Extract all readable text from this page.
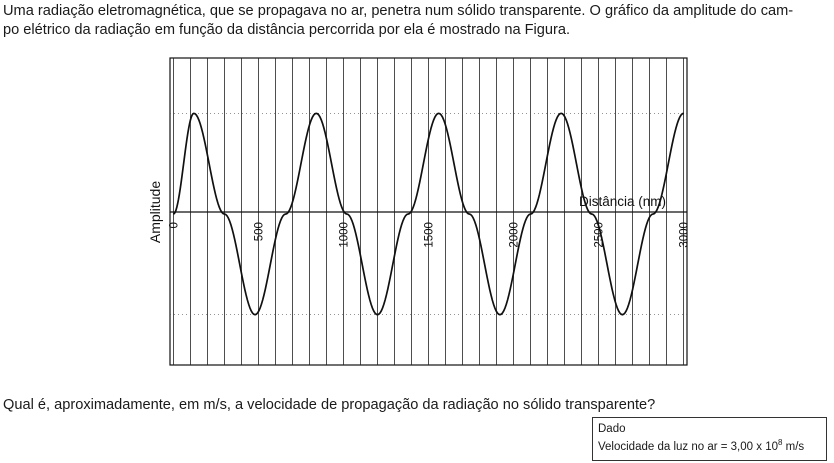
Uma radiação eletromagnética, que se propagava no ar, penetra num sólido transparente. O gráfico da amplitude do cam-
po elétrico da radiação em função da distância percorrida por ela é mostrado na Figura.

0	500	1000	1500	2000	2500	3000
Distância (nm)
Amplitude

Qual é, aproximadamente, em m/s, a velocidade de propagação da radiação no sólido transparente?

Dado
Velocidade da luz no ar = 3,00 x $10^8$ m/s
